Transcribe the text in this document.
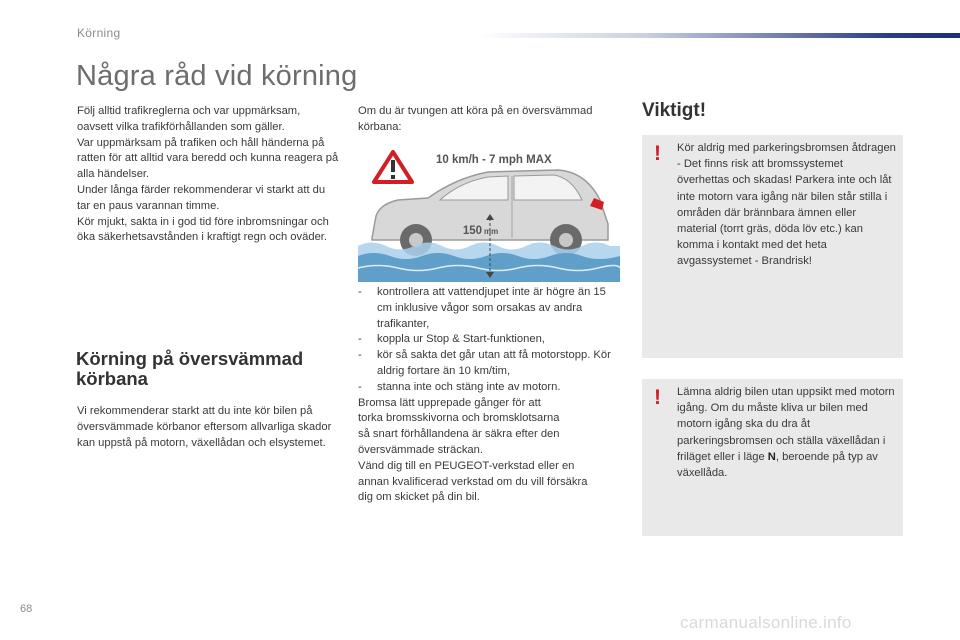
Körning
Några råd vid körning

Följ alltid trafikreglerna och var uppmärksam, oavsett vilka trafikförhållanden som gäller.
Var uppmärksam på trafiken och håll händerna på ratten för att alltid vara beredd och kunna reagera på alla händelser.
Under långa färder rekommenderar vi starkt att du tar en paus varannan timme.
Kör mjukt, sakta in i god tid före inbromsningar och öka säkerhetsavstånden i kraftigt regn och oväder.

Körning på översvämmad körbana

Vi rekommenderar starkt att du inte kör bilen på översvämmade körbanor eftersom allvarliga skador kan uppstå på motorn, växellådan och elsystemet.

Om du är tvungen att köra på en översvämmad körbana:

10 km/h - 7 mph MAX
150 mm
- kontrollera att vattendjupet inte är högre än 15 cm inklusive vågor som orsakas av andra trafikanter,
- koppla ur Stop & Start-funktionen,
- kör så sakta det går utan att få motorstopp. Kör aldrig fortare än 10 km/tim,
- stanna inte och stäng inte av motorn.

Bromsa lätt upprepade gånger för att
torka bromsskivorna och bromsklotsarna
så snart förhållandena är säkra efter den
översvämmade sträckan.
Vänd dig till en PEUGEOT-verkstad eller en
annan kvalificerad verkstad om du vill försäkra
dig om skicket på din bil.

Viktigt!
! Kör aldrig med parkeringsbromsen åtdragen - Det finns risk att bromssystemet överhettas och skadas! Parkera inte och låt inte motorn vara igång när bilen står stilla i områden där brännbara ämnen eller material (torrt gräs, döda löv etc.) kan komma i kontakt med det heta avgassystemet - Brandrisk!
! Lämna aldrig bilen utan uppsikt med motorn igång. Om du måste kliva ur bilen med motorn igång ska du dra åt parkeringsbromsen och ställa växellådan i friläget eller i läge N, beroende på typ av växellåda.
68
carmanualsonline.info
